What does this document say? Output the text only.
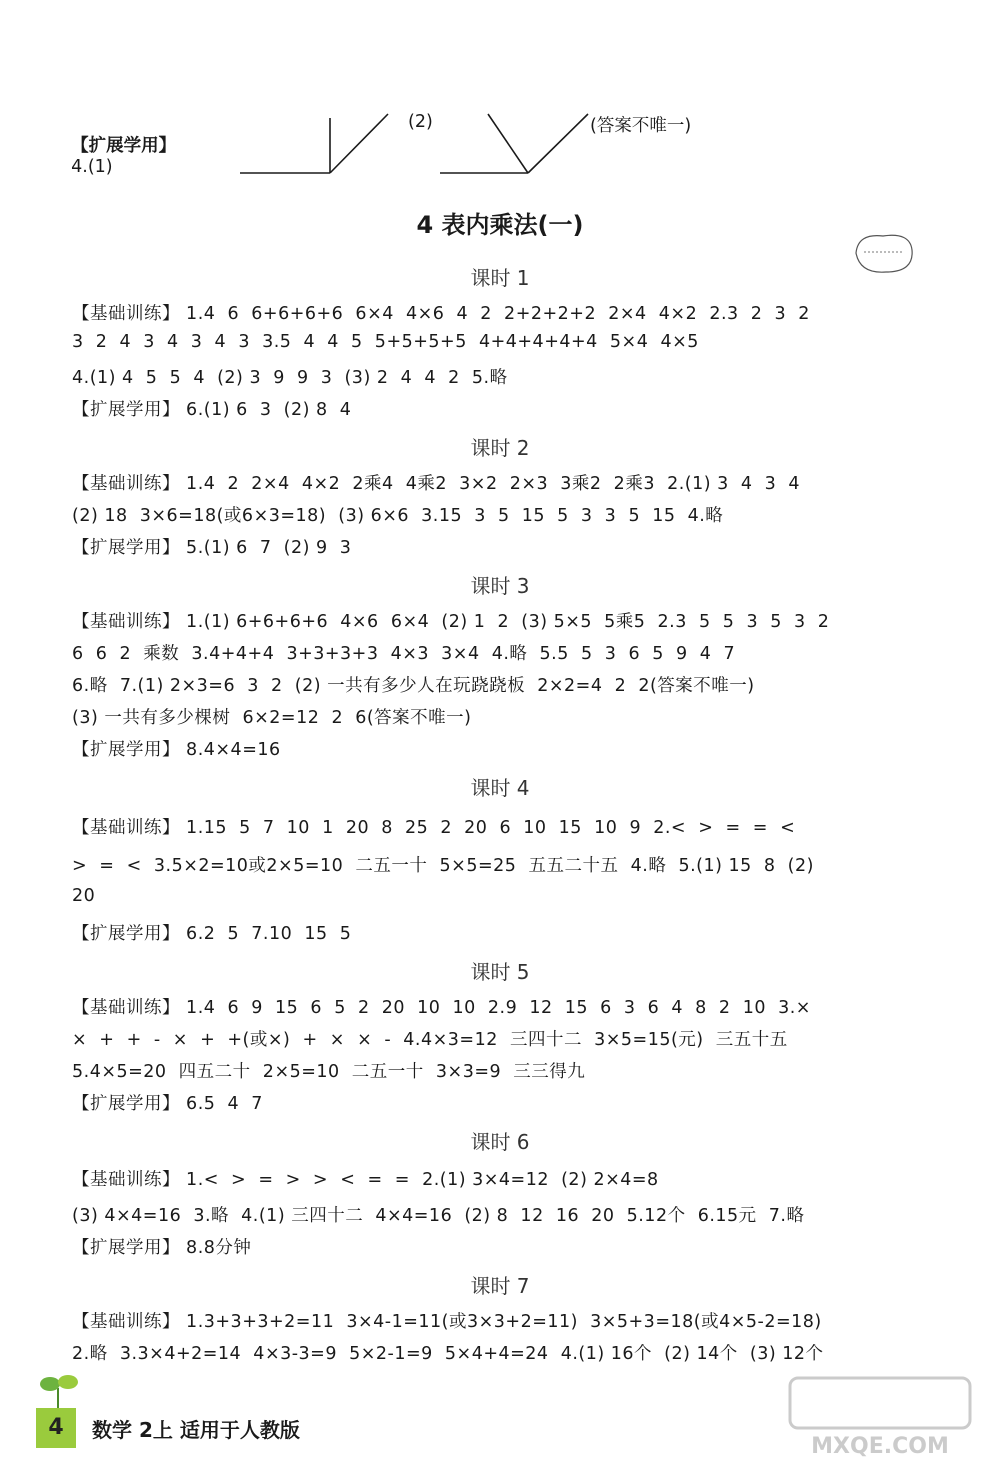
【扩展学用】
4.(1)

(2)	(答案不唯一)
4 表内乘法(一)
课时 1
【基础训练】 1.4  6  6+6+6+6  6×4  4×6  4  2  2+2+2+2  2×4  4×2  2.3  2  3  2
3  2  4  3  4  3  4  3  3.5  4  4  5  5+5+5+5  4+4+4+4+4  5×4  4×5
4.(1) 4  5  5  4  (2) 3  9  9  3  (3) 2  4  4  2  5.略
【扩展学用】 6.(1) 6  3  (2) 8  4
课时 2
【基础训练】 1.4  2  2×4  4×2  2乘4  4乘2  3×2  2×3  3乘2  2乘3  2.(1) 3  4  3  4
(2) 18  3×6=18(或6×3=18)  (3) 6×6  3.15  3  5  15  5  3  3  5  15  4.略
【扩展学用】 5.(1) 6  7  (2) 9  3
课时 3
【基础训练】 1.(1) 6+6+6+6  4×6  6×4  (2) 1  2  (3) 5×5  5乘5  2.3  5  5  3  5  3  2
6  6  2  乘数  3.4+4+4  3+3+3+3  4×3  3×4  4.略  5.5  5  3  6  5  9  4  7
6.略  7.(1) 2×3=6  3  2  (2) 一共有多少人在玩跷跷板  2×2=4  2  2(答案不唯一)
(3) 一共有多少棵树  6×2=12  2  6(答案不唯一)
【扩展学用】 8.4×4=16
课时 4
【基础训练】 1.15  5  7  10  1  20  8  25  2  20  6  10  15  10  9  2.<  >  =  =  <
>  =  <  3.5×2=10或2×5=10  二五一十  5×5=25  五五二十五  4.略  5.(1) 15  8  (2)
20
【扩展学用】 6.2  5  7.10  15  5
课时 5
【基础训练】 1.4  6  9  15  6  5  2  20  10  10  2.9  12  15  6  3  6  4  8  2  10  3.×
×  +  +  -  ×  +  +(或×)  +  ×  ×  -  4.4×3=12  三四十二  3×5=15(元)  三五十五
5.4×5=20  四五二十  2×5=10  二五一十  3×3=9  三三得九
【扩展学用】 6.5  4  7
课时 6
【基础训练】 1.<  >  =  >  >  <  =  =  2.(1) 3×4=12  (2) 2×4=8
(3) 4×4=16  3.略  4.(1) 三四十二  4×4=16  (2) 8  12  16  20  5.12个  6.15元  7.略
【扩展学用】 8.8分钟
课时 7
【基础训练】 1.3+3+3+2=11  3×4-1=11(或3×3+2=11)  3×5+3=18(或4×5-2=18)
2.略  3.3×4+2=14  4×3-3=9  5×2-1=9  5×4+4=24  4.(1) 16个  (2) 14个  (3) 12个
4	数学 2上 适用于人教版
MXQE.COM
